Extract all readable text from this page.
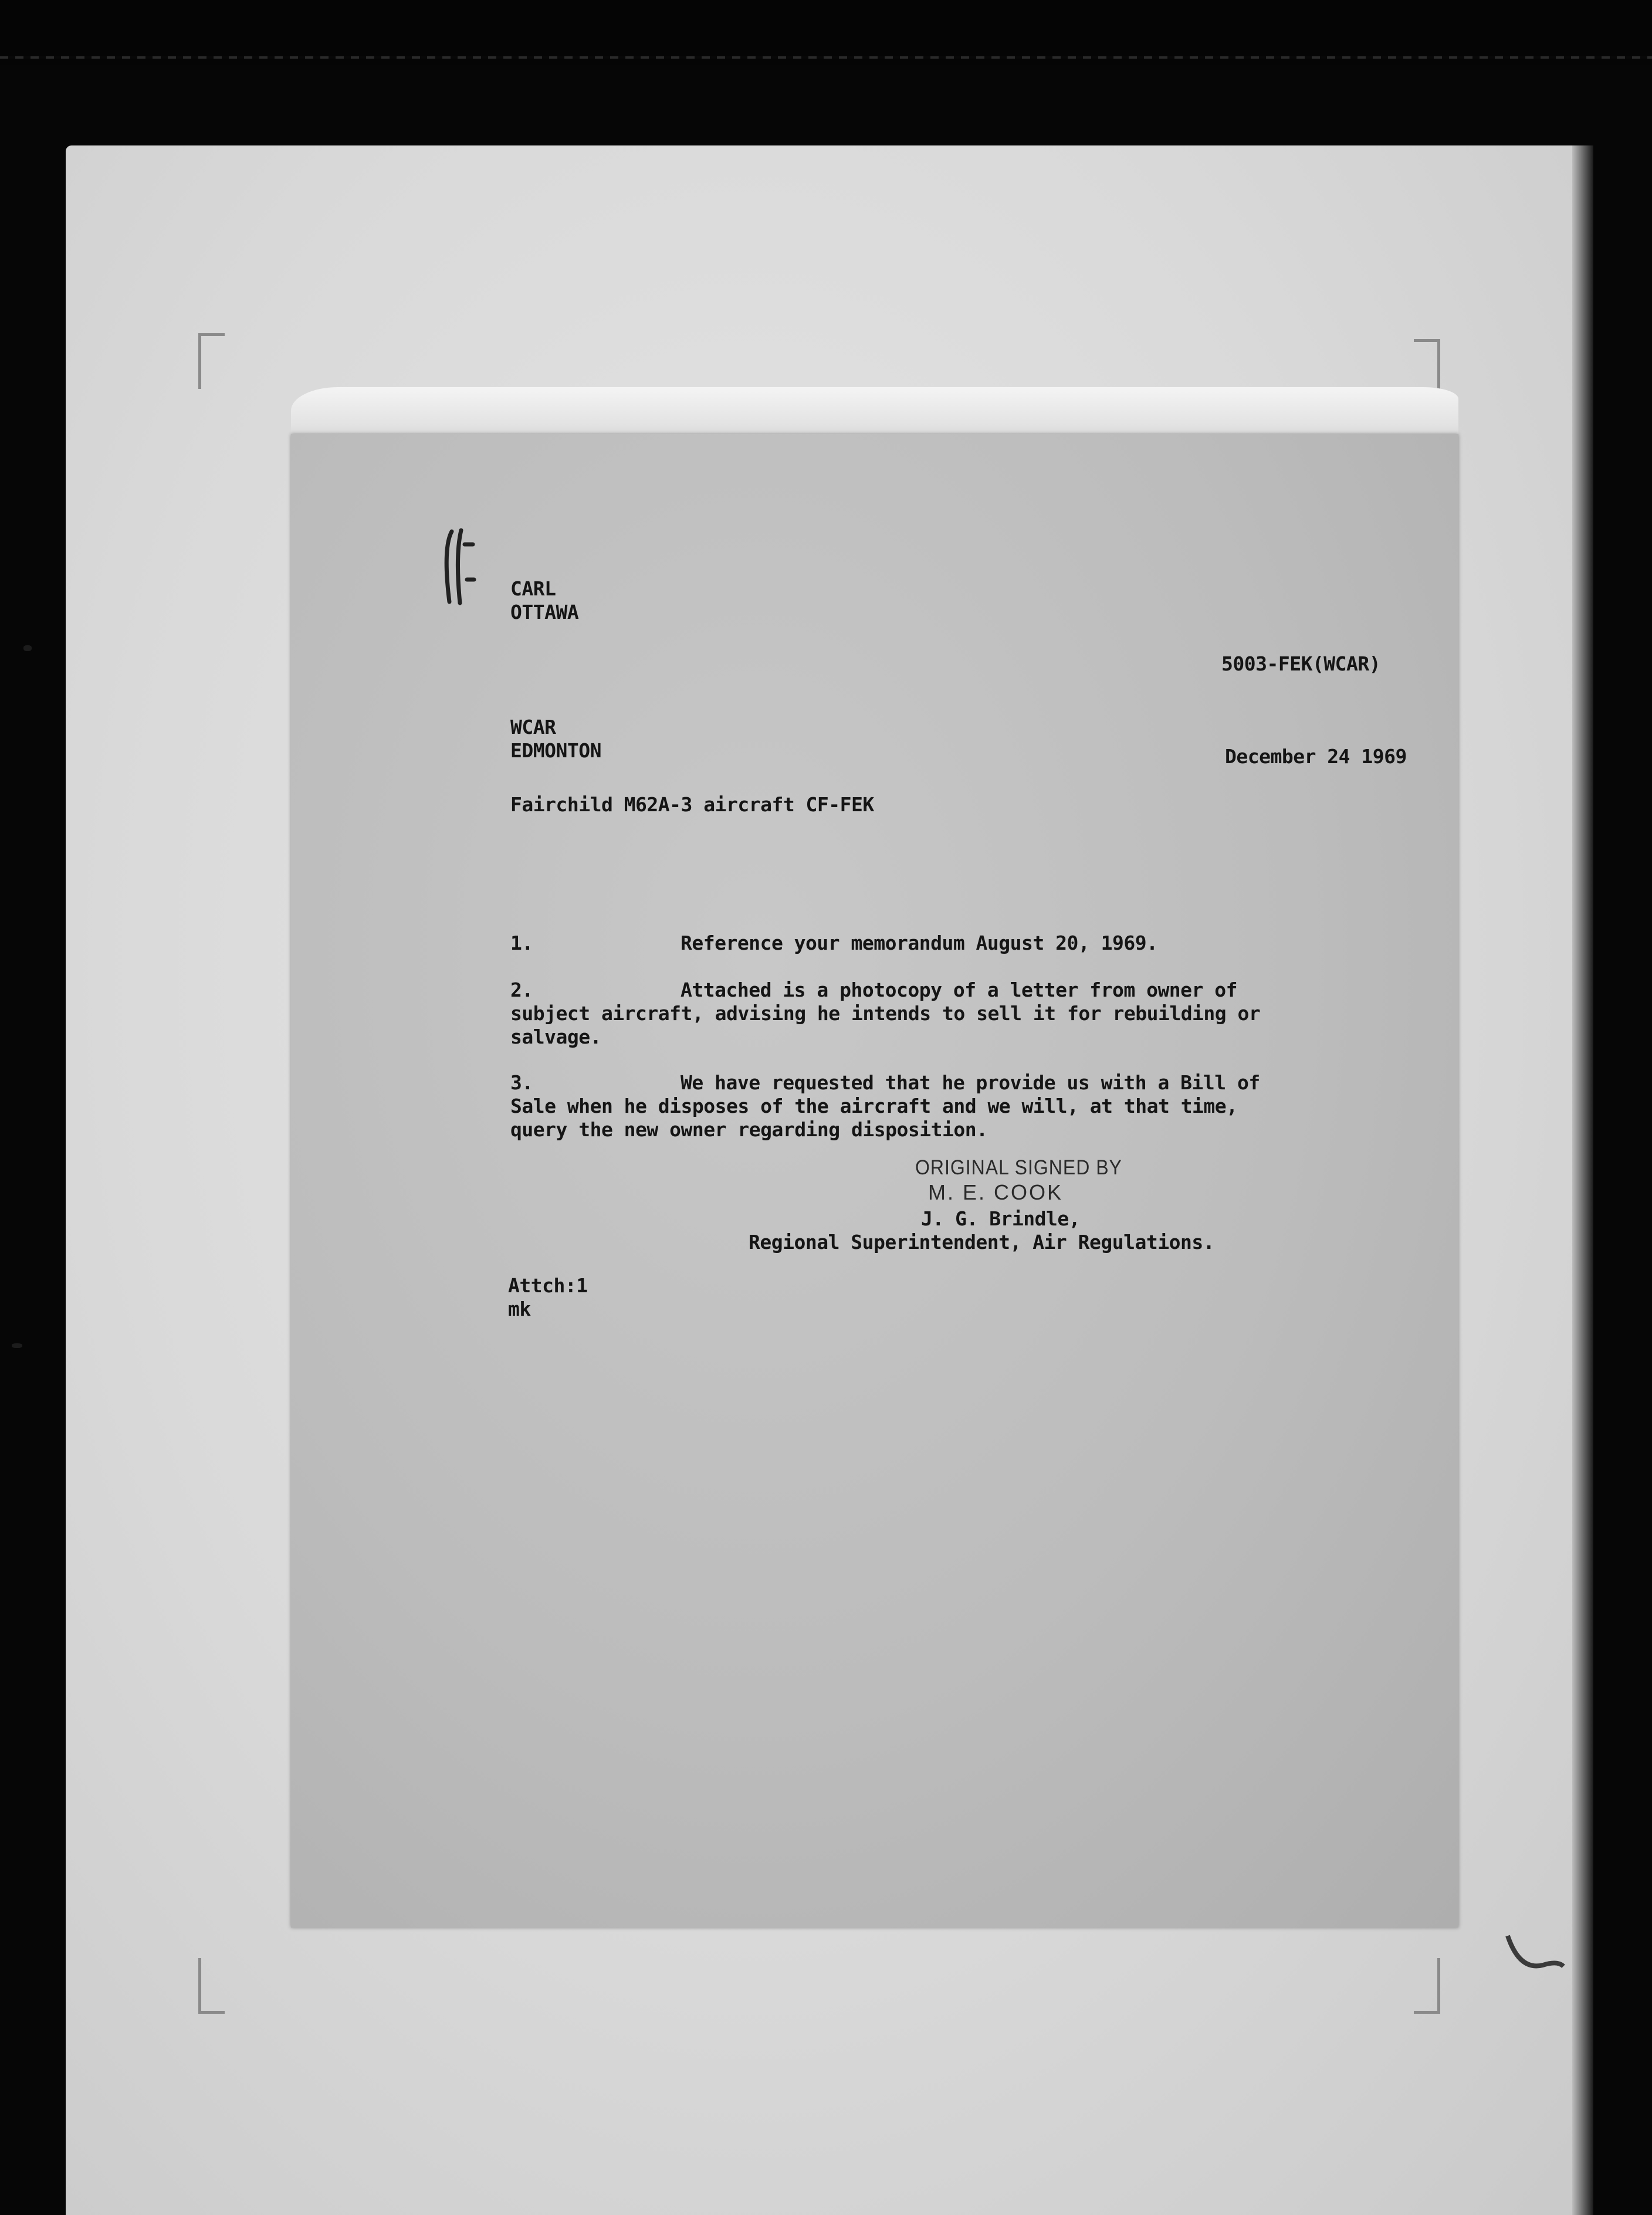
CARL
OTTAWA
5003-FEK(WCAR)
WCAR
EDMONTON	December 24 1969
Fairchild M62A-3 aircraft CF-FEK
1.	Reference your memorandum August 20, 1969.
2.	Attached is a photocopy of a letter from owner of
subject aircraft, advising he intends to sell it for rebuilding or
salvage.
3.	We have requested that he provide us with a Bill of
Sale when he disposes of the aircraft and we will, at that time,
query the new owner regarding disposition.
ORIGINAL SIGNED BY
M. E. COOK
J. G. Brindle,
Regional Superintendent, Air Regulations.
Attch:1
mk
